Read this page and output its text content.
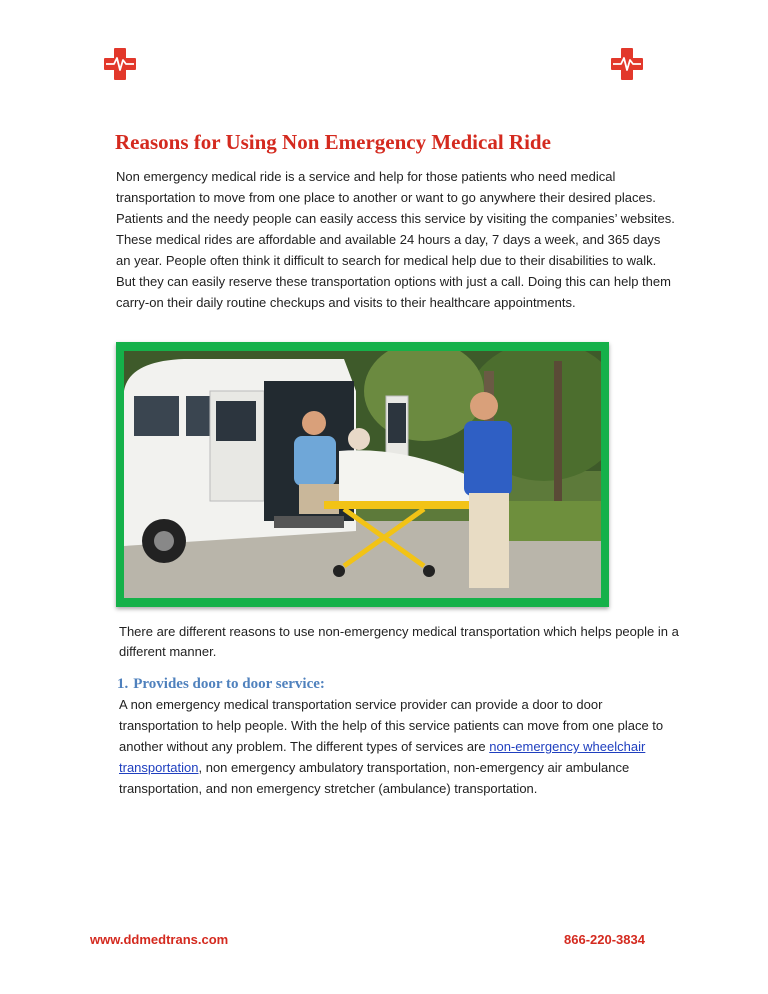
Reasons for Using Non Emergency Medical Ride
Non emergency medical ride is a service and help for those patients who need medical transportation to move from one place to another or want to go anywhere their desired places. Patients and the needy people can easily access this service by visiting the companies’ websites. These medical rides are affordable and available 24 hours a day, 7 days a week, and 365 days an year. People often think it difficult to search for medical help due to their disabilities to walk. But they can easily reserve these transportation options with just a call. Doing this can help them carry-on their daily routine checkups and visits to their healthcare appointments.
There are different reasons to use non-emergency medical transportation which helps people in a different manner.
1. Provides door to door service:
A non emergency medical transportation service provider can provide a door to door transportation to help people. With the help of this service patients can move from one place to another without any problem. The different types of services are non-emergency wheelchair transportation, non emergency ambulatory transportation, non-emergency air ambulance transportation, and non emergency stretcher (ambulance) transportation.
www.ddmedtrans.com	866-220-3834
